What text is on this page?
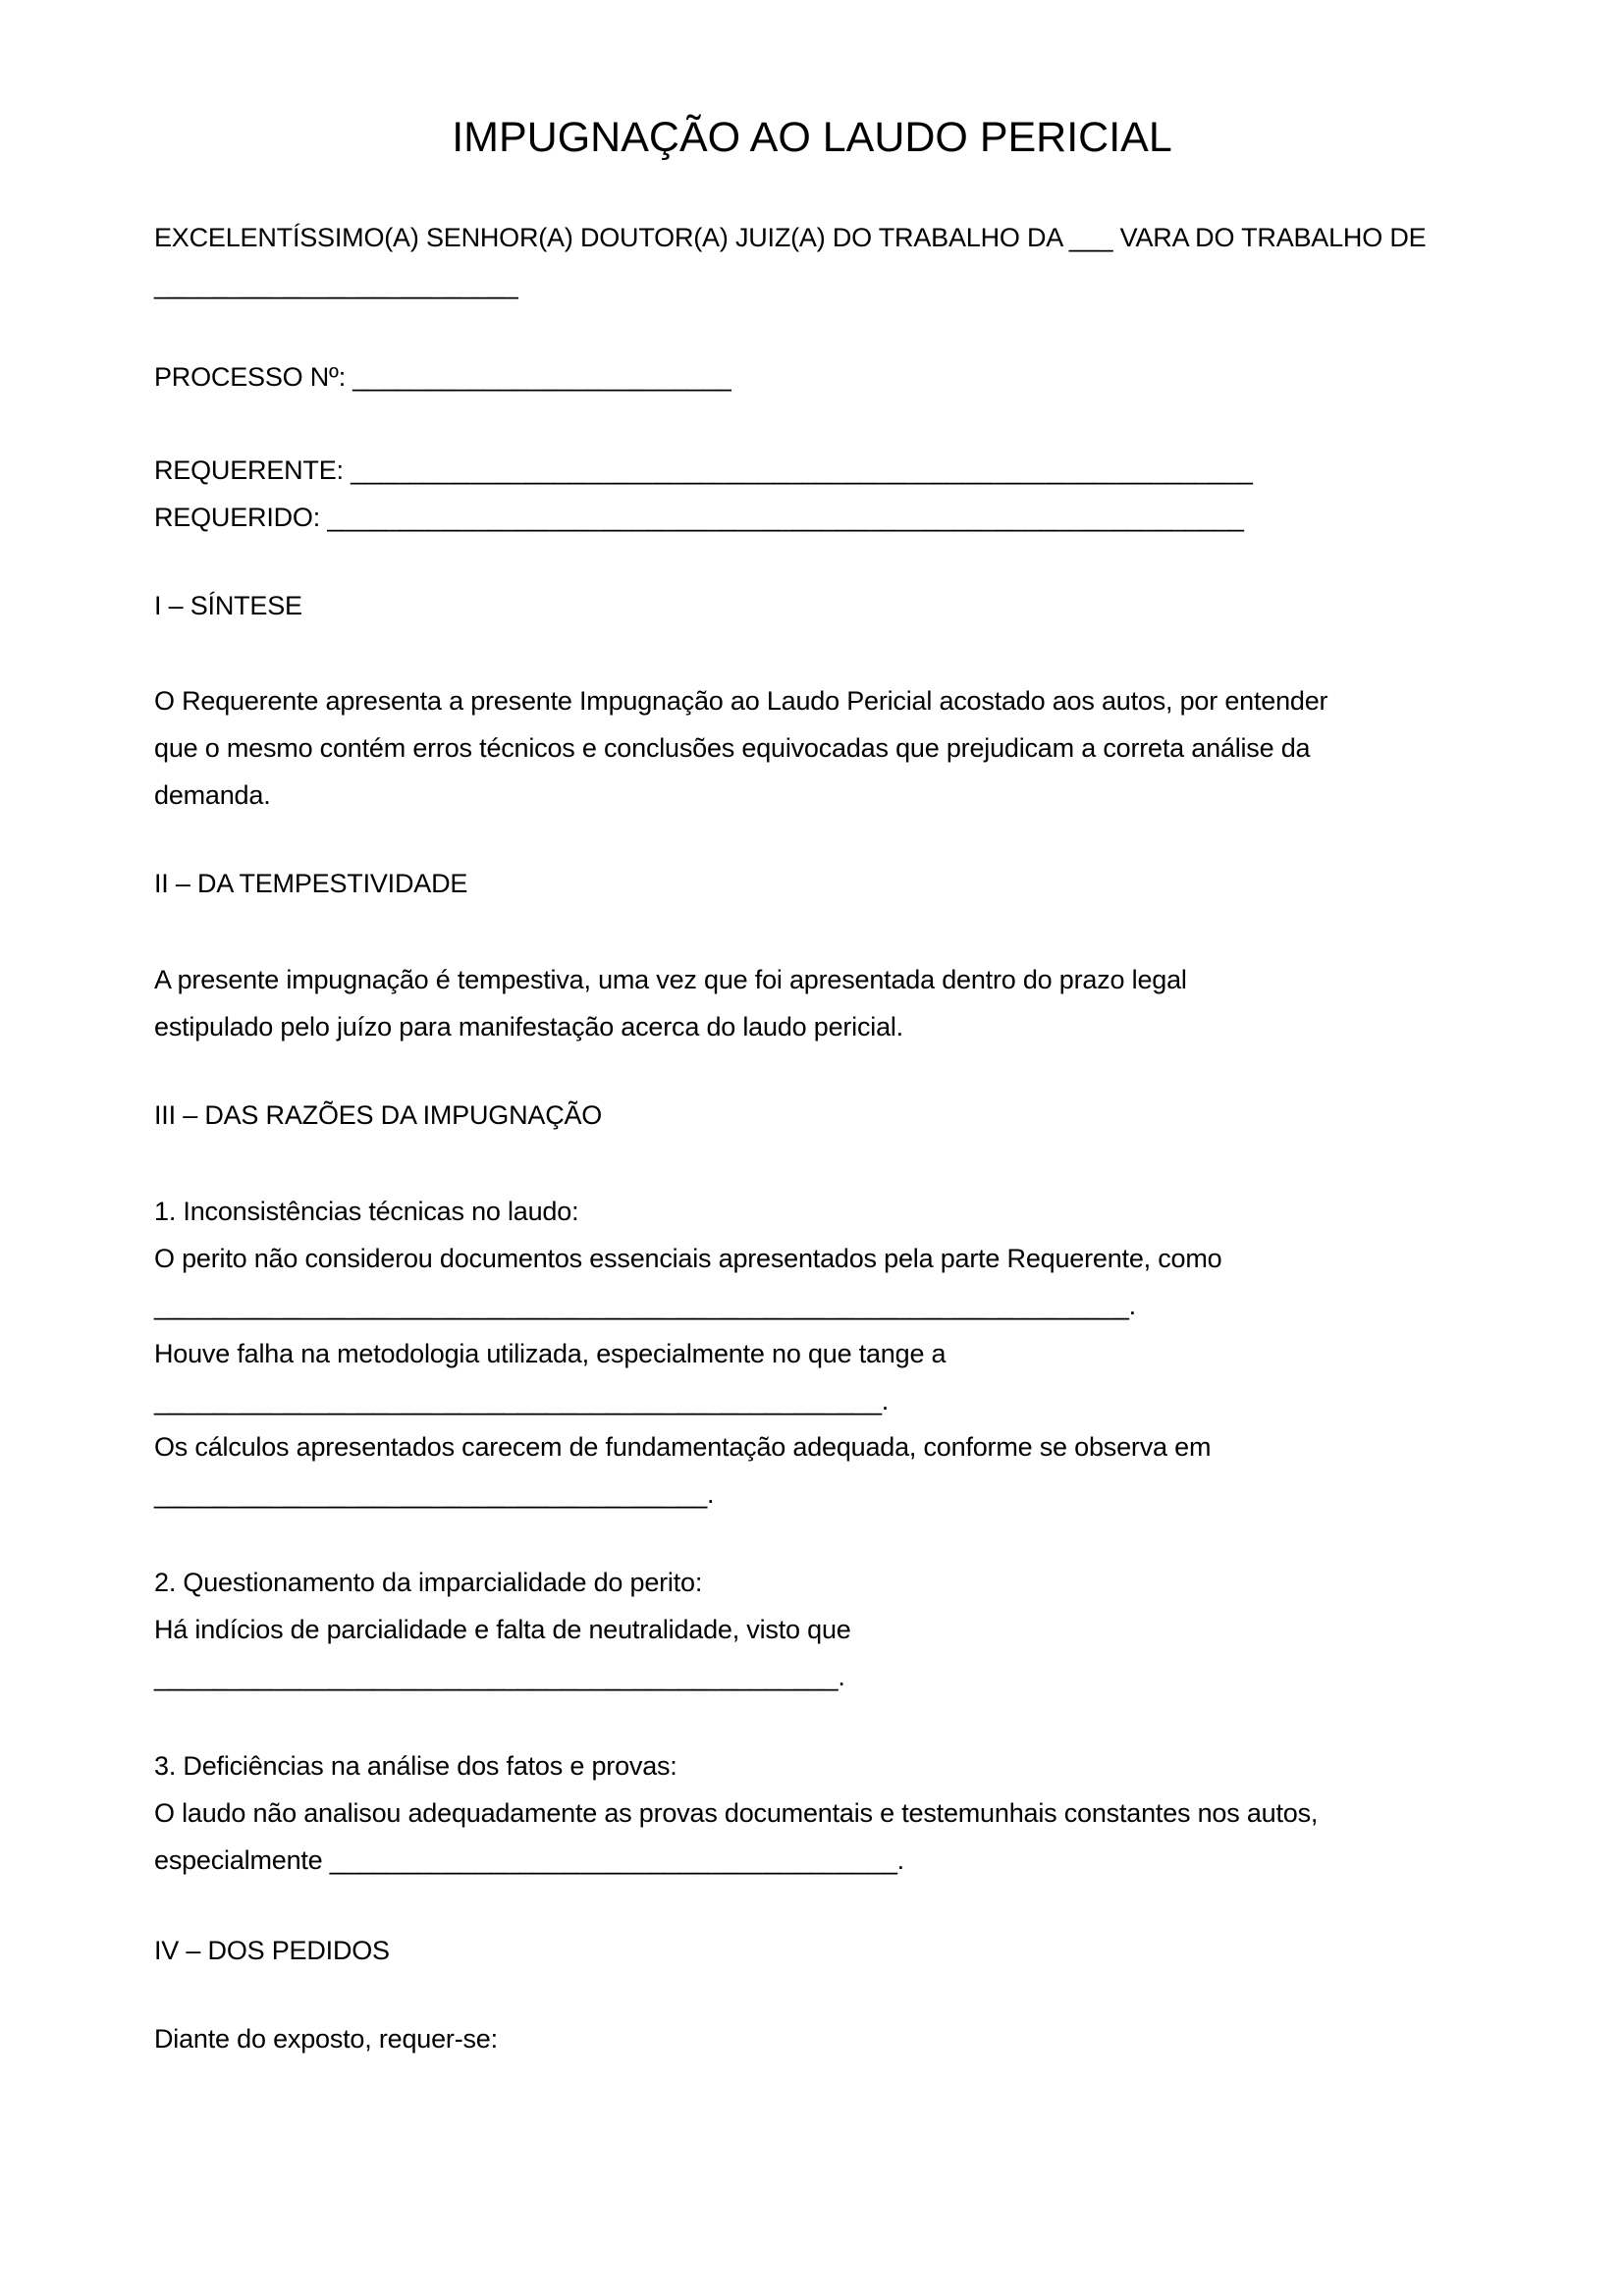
IMPUGNAÇÃO AO LAUDO PERICIAL
EXCELENTÍSSIMO(A) SENHOR(A) DOUTOR(A) JUIZ(A) DO TRABALHO DA ___ VARA DO TRABALHO DE
_________________________
PROCESSO Nº: __________________________
REQUERENTE: ______________________________________________________________
REQUERIDO: _______________________________________________________________
I – SÍNTESE
O Requerente apresenta a presente Impugnação ao Laudo Pericial acostado aos autos, por entender
que o mesmo contém erros técnicos e conclusões equivocadas que prejudicam a correta análise da
demanda.
II – DA TEMPESTIVIDADE
A presente impugnação é tempestiva, uma vez que foi apresentada dentro do prazo legal
estipulado pelo juízo para manifestação acerca do laudo pericial.
III – DAS RAZÕES DA IMPUGNAÇÃO
1. Inconsistências técnicas no laudo:
O perito não considerou documentos essenciais apresentados pela parte Requerente, como
___________________________________________________________________.
Houve falha na metodologia utilizada, especialmente no que tange a
__________________________________________________.
Os cálculos apresentados carecem de fundamentação adequada, conforme se observa em
______________________________________.
2. Questionamento da imparcialidade do perito:
Há indícios de parcialidade e falta de neutralidade, visto que
_______________________________________________.
3. Deficiências na análise dos fatos e provas:
O laudo não analisou adequadamente as provas documentais e testemunhais constantes nos autos,
especialmente _______________________________________.
IV – DOS PEDIDOS
Diante do exposto, requer-se:
